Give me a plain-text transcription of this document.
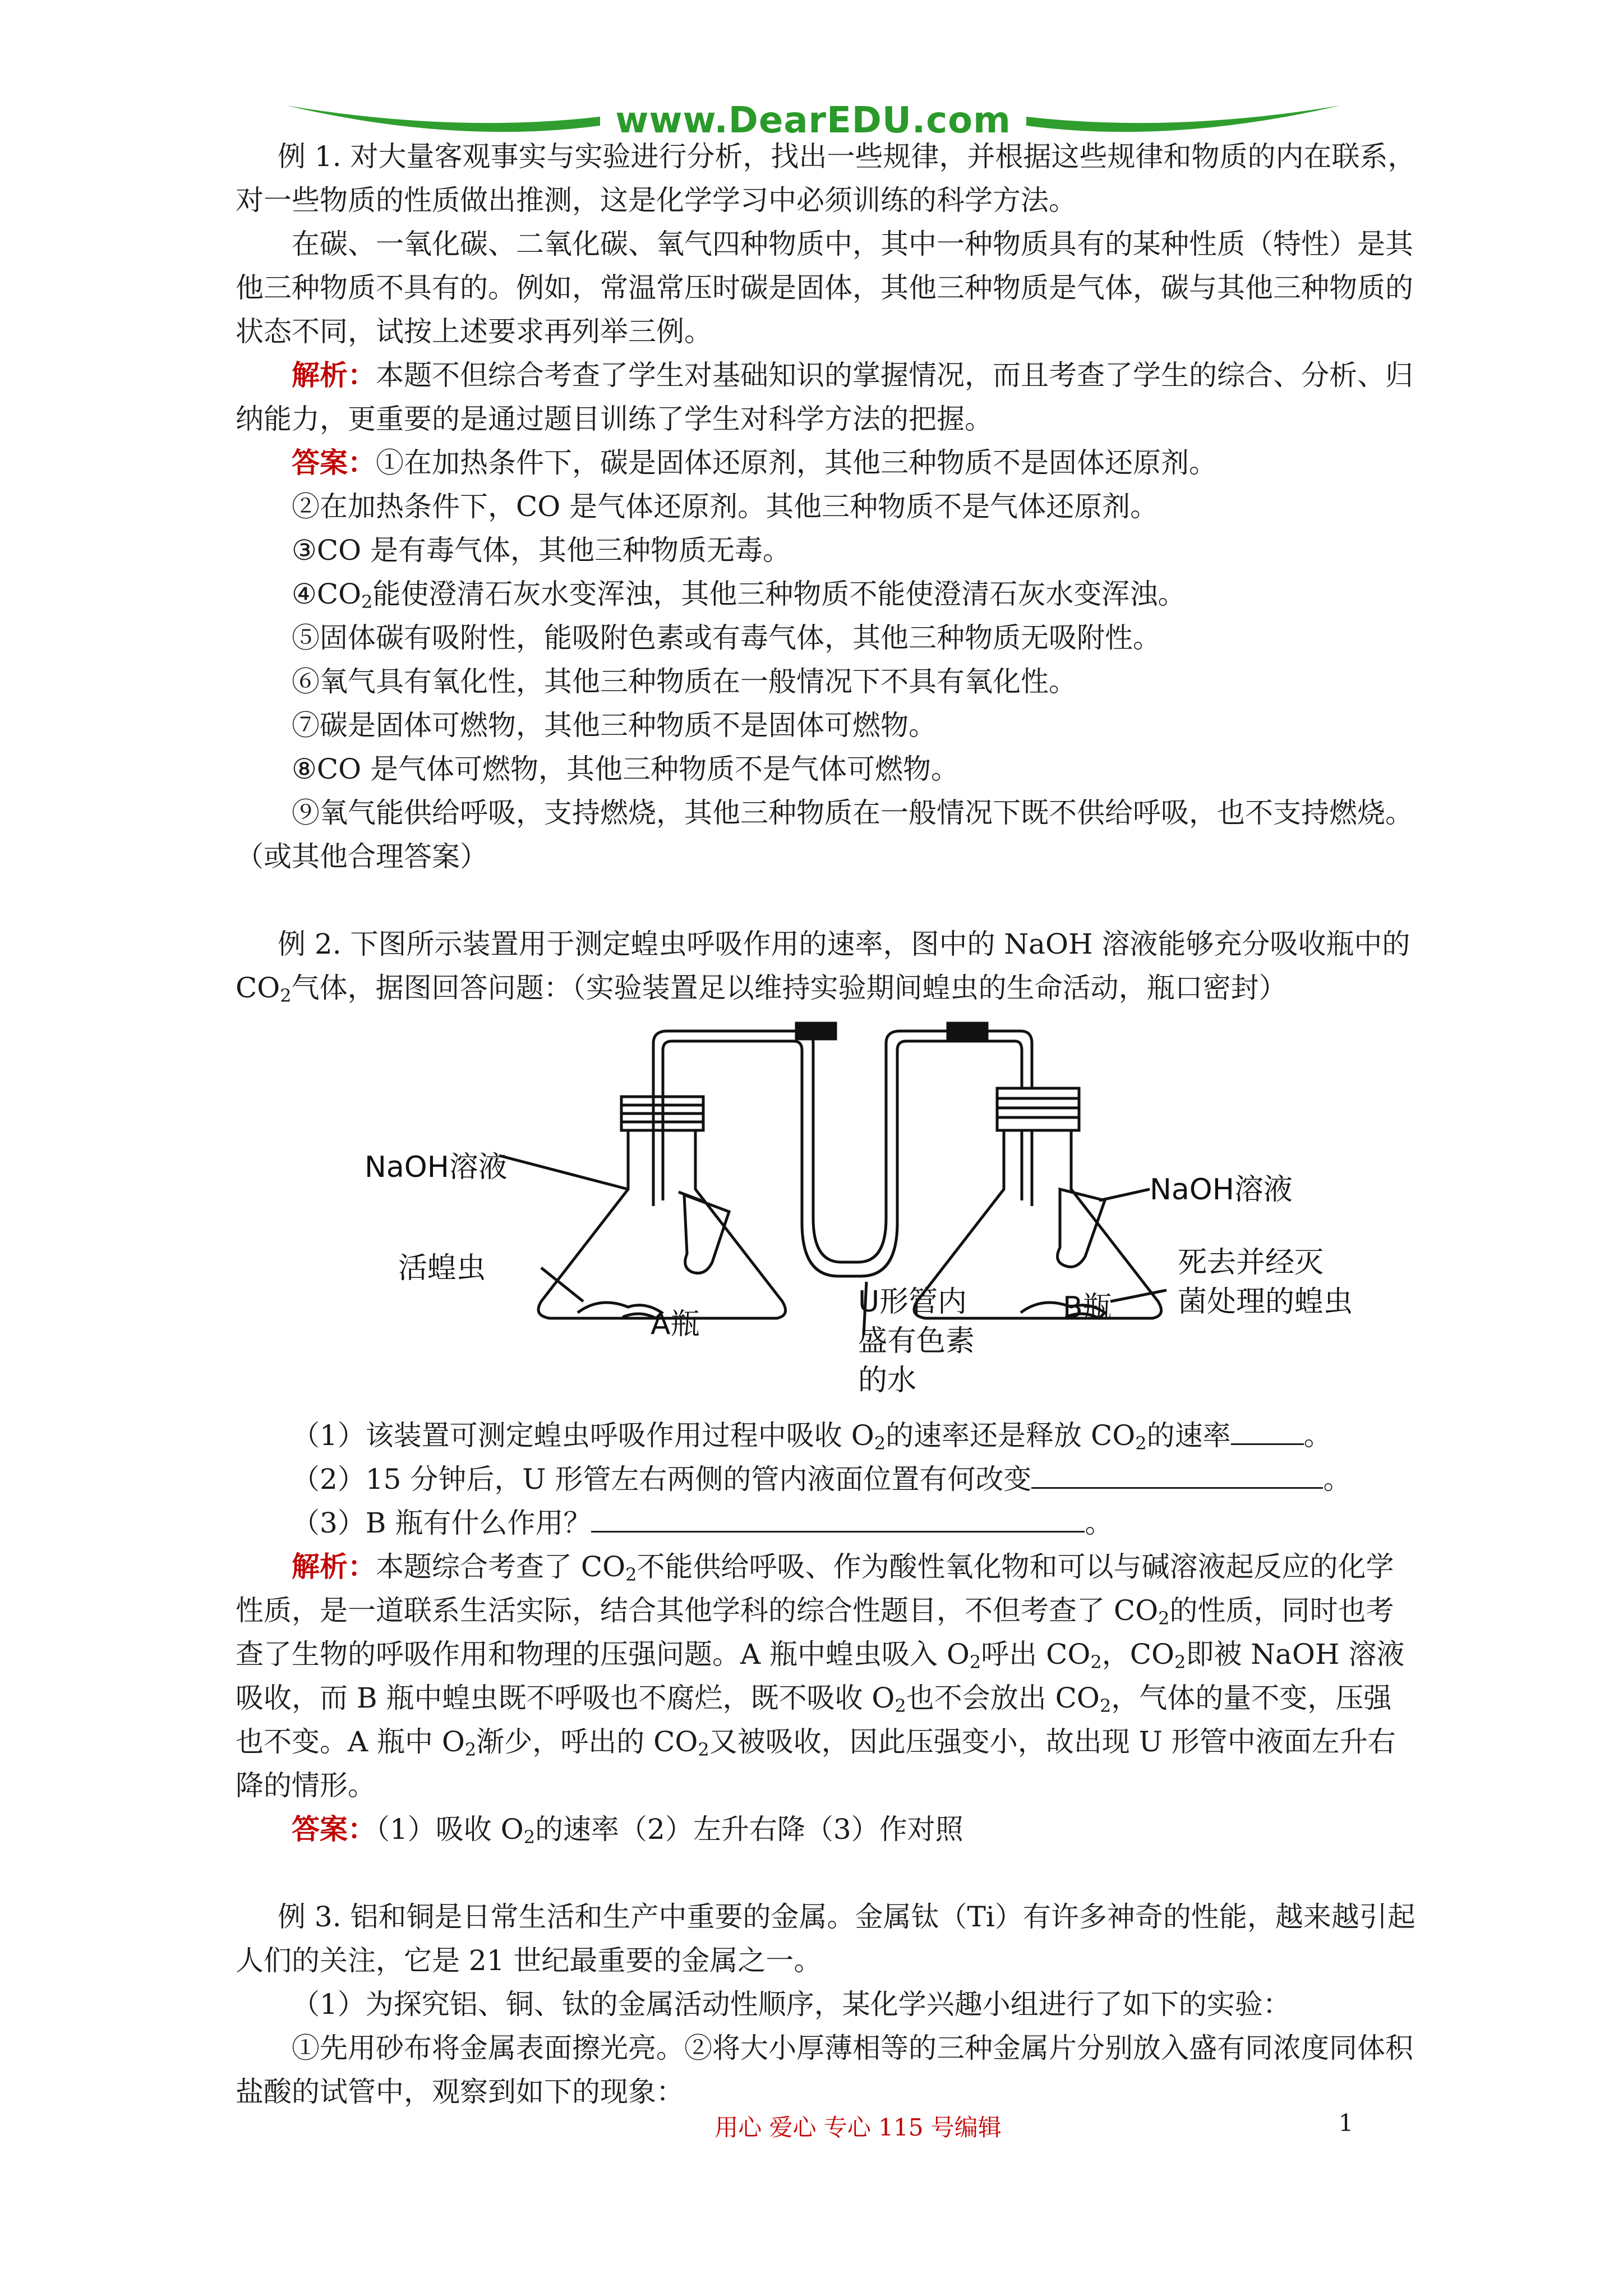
www.DearEDU.com

例 1. 对大量客观事实与实验进行分析，找出一些规律，并根据这些规律和物质的内在联系，对一些物质的性质做出推测，这是化学学习中必须训练的科学方法。

在碳、一氧化碳、二氧化碳、氧气四种物质中，其中一种物质具有的某种性质（特性）是其他三种物质不具有的。例如，常温常压时碳是固体，其他三种物质是气体，碳与其他三种物质的状态不同，试按上述要求再列举三例。

解析：本题不但综合考查了学生对基础知识的掌握情况，而且考查了学生的综合、分析、归纳能力，更重要的是通过题目训练了学生对科学方法的把握。

答案：①在加热条件下，碳是固体还原剂，其他三种物质不是固体还原剂。

②在加热条件下，CO 是气体还原剂。其他三种物质不是气体还原剂。

③CO 是有毒气体，其他三种物质无毒。

$④CO_2$能使澄清石灰水变浑浊，其他三种物质不能使澄清石灰水变浑浊。

⑤固体碳有吸附性，能吸附色素或有毒气体，其他三种物质无吸附性。

⑥氧气具有氧化性，其他三种物质在一般情况下不具有氧化性。

⑦碳是固体可燃物，其他三种物质不是固体可燃物。

⑧CO 是气体可燃物，其他三种物质不是气体可燃物。

⑨氧气能供给呼吸，支持燃烧，其他三种物质在一般情况下既不供给呼吸，也不支持燃烧。

（或其他合理答案）

例 2. 下图所示装置用于测定蝗虫呼吸作用的速率，图中的 NaOH 溶液能够充分吸收瓶中的 $CO_2$气体，据图回答问题：（实验装置足以维持实验期间蝗虫的生命活动，瓶口密封）

NaOH溶液
NaOH溶液
活蝗虫
A瓶	B瓶
U形管内
盛有色素
的水
死去并经灭
菌处理的蝗虫

（1）该装置可测定蝗虫呼吸作用过程中吸收 $O_2$的速率还是释放 $CO_2$的速率	。

（2）15 分钟后，U 形管左右两侧的管内液面位置有何改变	。

（3）B 瓶有什么作用？	。

解析：本题综合考查了 $CO_2$不能供给呼吸、作为酸性氧化物和可以与碱溶液起反应的化学性质，是一道联系生活实际，结合其他学科的综合性题目，不但考查了 $CO_2$的性质，同时也考查了生物的呼吸作用和物理的压强问题。A 瓶中蝗虫吸入 $O_2$呼出 $CO_2$，$CO_2$即被 NaOH 溶液吸收，而 B 瓶中蝗虫既不呼吸也不腐烂，既不吸收 $O_2$也不会放出 $CO_2$，气体的量不变，压强也不变。A 瓶中 $O_2$渐少，呼出的 $CO_2$又被吸收，因此压强变小，故出现 U 形管中液面左升右降的情形。

答案：（1）吸收 $O_2$的速率（2）左升右降（3）作对照

例 3. 铝和铜是日常生活和生产中重要的金属。金属钛（Ti）有许多神奇的性能，越来越引起人们的关注，它是 21 世纪最重要的金属之一。

（1）为探究铝、铜、钛的金属活动性顺序，某化学兴趣小组进行了如下的实验：

①先用砂布将金属表面擦光亮。②将大小厚薄相等的三种金属片分别放入盛有同浓度同体积盐酸的试管中，观察到如下的现象：

用心 爱心 专心 115 号编辑	1
